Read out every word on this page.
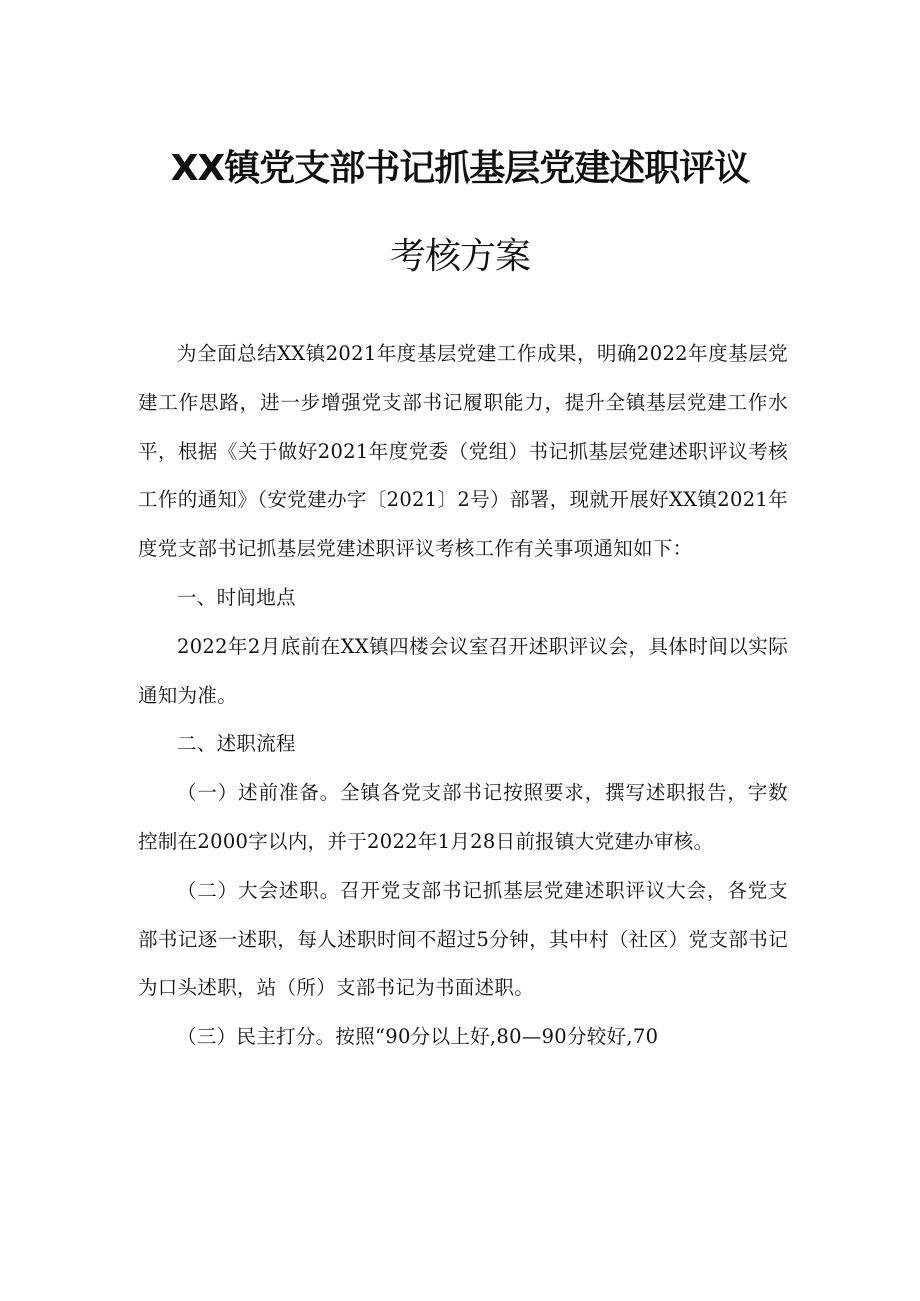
XX镇党支部书记抓基层党建述职评议
考核方案

为全面总结XX镇2021年度基层党建工作成果，明确2022年度基层党建工作思路，进一步增强党支部书记履职能力，提升全镇基层党建工作水平，根据《关于做好2021年度党委（党组）书记抓基层党建述职评议考核工作的通知》（安党建办字〔2021〕2号）部署，现就开展好XX镇2021年度党支部书记抓基层党建述职评议考核工作有关事项通知如下：

一、时间地点

2022年2月底前在XX镇四楼会议室召开述职评议会，具体时间以实际通知为准。

二、述职流程

（一）述前准备。全镇各党支部书记按照要求，撰写述职报告，字数控制在2000字以内，并于2022年1月28日前报镇大党建办审核。

（二）大会述职。召开党支部书记抓基层党建述职评议大会，各党支部书记逐一述职，每人述职时间不超过5分钟，其中村（社区）党支部书记为口头述职，站（所）支部书记为书面述职。

（三）民主打分。按照“90分以上好,80—90分较好,70
